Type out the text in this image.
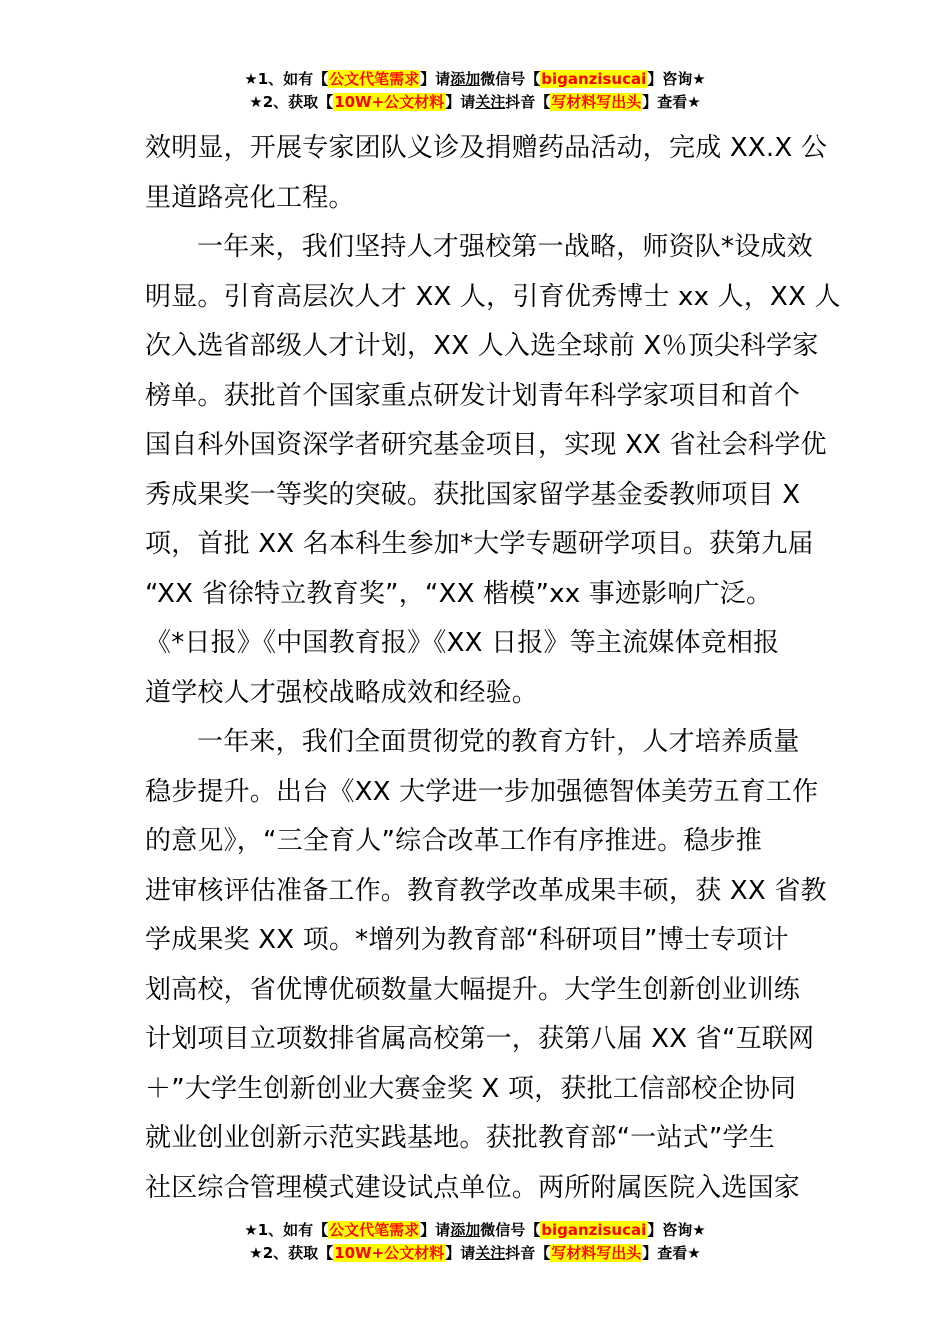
★1、如有【公文代笔需求】请添加微信号【biganzisucai】咨询★
★2、获取【10W+公文材料】请关注抖音【写材料写出头】查看★
效明显，开展专家团队义诊及捐赠药品活动，完成 XX.X 公
里道路亮化工程。
一年来，我们坚持人才强校第一战略，师资队*设成效
明显。引育高层次人才 XX 人，引育优秀博士 xx 人，XX 人
次入选省部级人才计划，XX 人入选全球前 X％顶尖科学家
榜单。获批首个国家重点研发计划青年科学家项目和首个
国自科外国资深学者研究基金项目，实现 XX 省社会科学优
秀成果奖一等奖的突破。获批国家留学基金委教师项目 X
项，首批 XX 名本科生参加*大学专题研学项目。获第九届
“XX 省徐特立教育奖”，“XX 楷模”xx 事迹影响广泛。
《*日报》《中国教育报》《XX 日报》等主流媒体竞相报
道学校人才强校战略成效和经验。
一年来，我们全面贯彻党的教育方针，人才培养质量
稳步提升。出台《XX 大学进一步加强德智体美劳五育工作
的意见》，“三全育人”综合改革工作有序推进。稳步推
进审核评估准备工作。教育教学改革成果丰硕，获 XX 省教
学成果奖 XX 项。*增列为教育部“科研项目”博士专项计
划高校，省优博优硕数量大幅提升。大学生创新创业训练
计划项目立项数排省属高校第一，获第八届 XX 省“互联网
＋”大学生创新创业大赛金奖 X 项，获批工信部校企协同
就业创业创新示范实践基地。获批教育部“一站式”学生
社区综合管理模式建设试点单位。两所附属医院入选国家
★1、如有【公文代笔需求】请添加微信号【biganzisucai】咨询★
★2、获取【10W+公文材料】请关注抖音【写材料写出头】查看★
